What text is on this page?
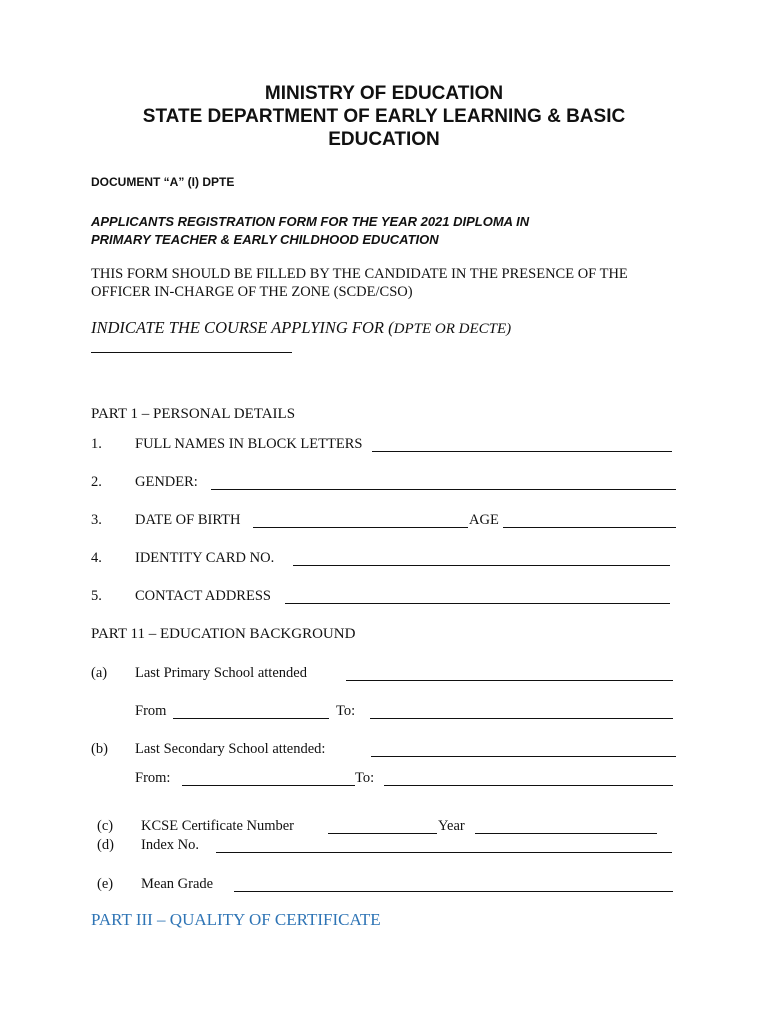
MINISTRY OF EDUCATION
STATE DEPARTMENT OF EARLY LEARNING & BASIC
EDUCATION
DOCUMENT “A” (I) DPTE
APPLICANTS REGISTRATION FORM FOR THE YEAR 2021 DIPLOMA IN
PRIMARY TEACHER & EARLY CHILDHOOD EDUCATION
THIS FORM SHOULD BE FILLED BY THE CANDIDATE IN THE PRESENCE OF THE
OFFICER IN-CHARGE OF THE ZONE (SCDE/CSO)
INDICATE THE COURSE APPLYING FOR (DPTE OR DECTE)
PART 1 – PERSONAL DETAILS
1. FULL NAMES IN BLOCK LETTERS
2. GENDER:
3. DATE OF BIRTH	AGE
4. IDENTITY CARD NO.
5. CONTACT ADDRESS
PART 11 – EDUCATION BACKGROUND
(a) Last Primary School attended
From	To:
(b) Last Secondary School attended:
From:	To:
(c) KCSE Certificate Number	Year
(d) Index No.
(e) Mean Grade
PART III – QUALITY OF CERTIFICATE
